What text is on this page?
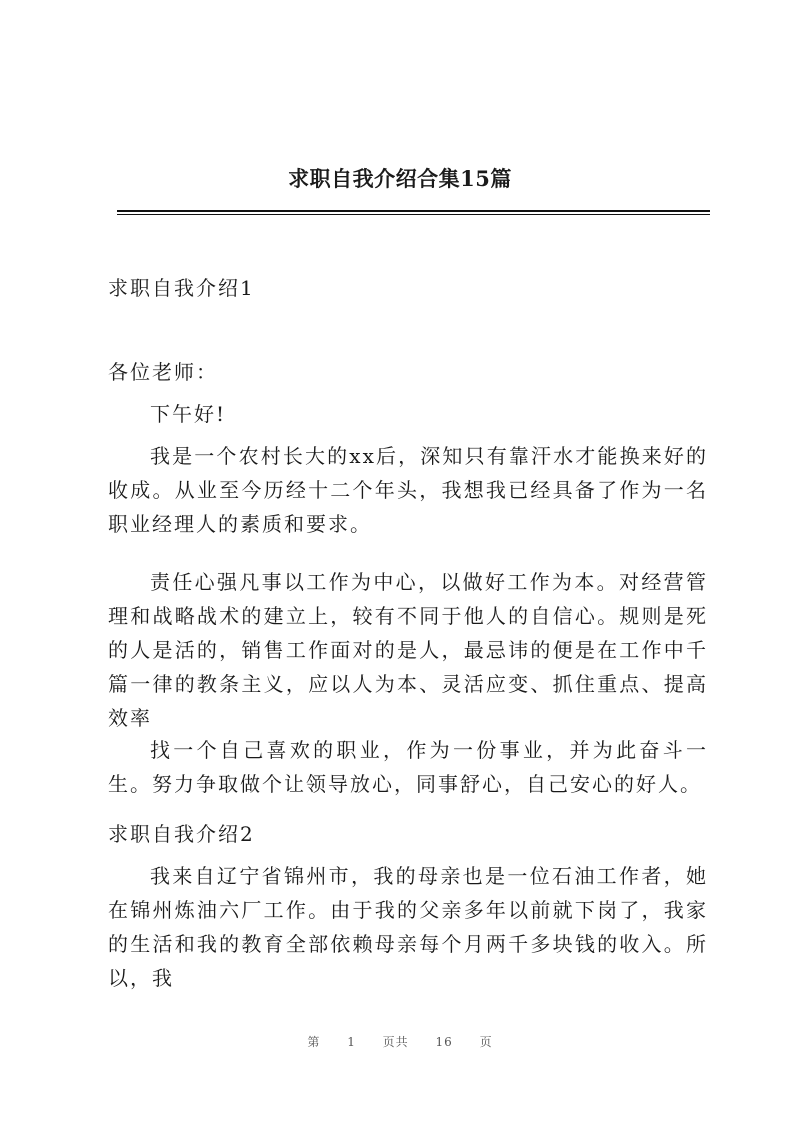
求职自我介绍合集15篇

求职自我介绍1

各位老师：

下午好!

我是一个农村长大的xx后，深知只有靠汗水才能换来好的收成。从业至今历经十二个年头，我想我已经具备了作为一名职业经理人的素质和要求。

责任心强凡事以工作为中心，以做好工作为本。对经营管理和战略战术的建立上，较有不同于他人的自信心。规则是死的人是活的，销售工作面对的是人，最忌讳的便是在工作中千篇一律的教条主义，应以人为本、灵活应变、抓住重点、提高效率

找一个自己喜欢的职业，作为一份事业，并为此奋斗一生。努力争取做个让领导放心，同事舒心，自己安心的好人。

求职自我介绍2

我来自辽宁省锦州市，我的母亲也是一位石油工作者，她在锦州炼油六厂工作。由于我的父亲多年以前就下岗了，我家的生活和我的教育全部依赖母亲每个月两千多块钱的收入。所以，我

第 1 页共 16 页
